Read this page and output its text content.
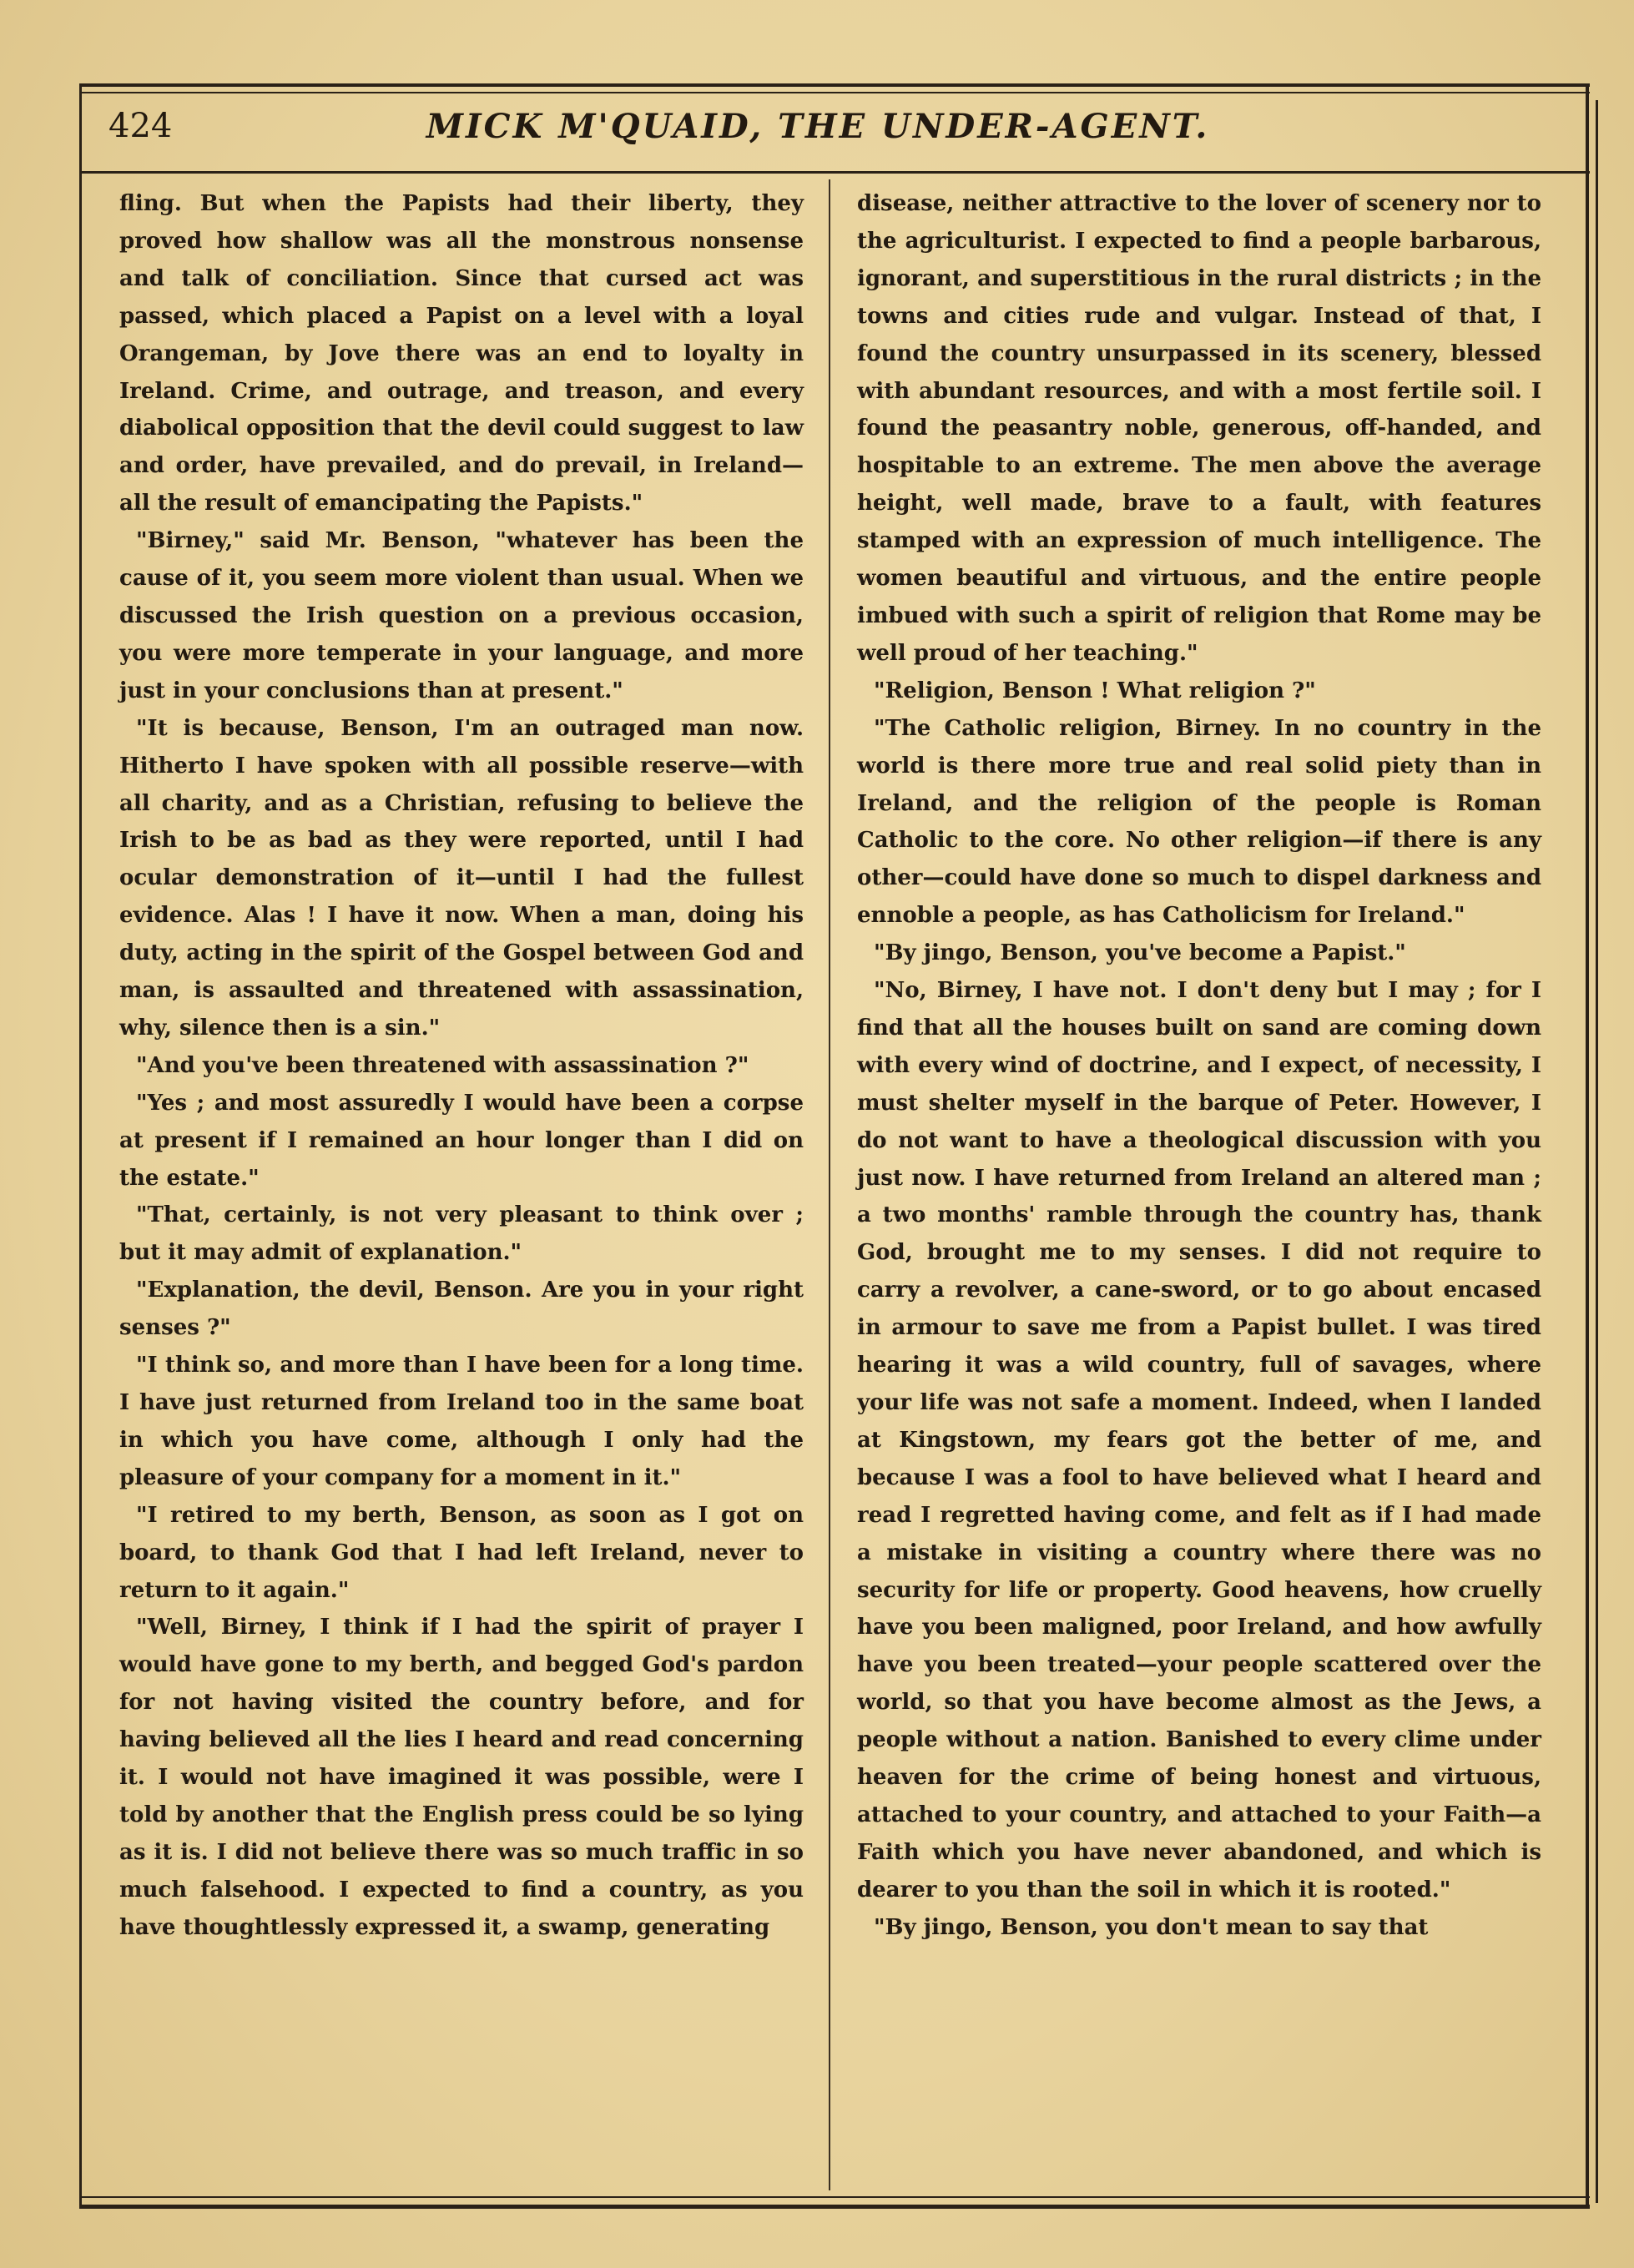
424	MICK M'QUAID, THE UNDER-AGENT.

fling. But when the Papists had their liberty, they proved how shallow was all the monstrous nonsense and talk of conciliation. Since that cursed act was passed, which placed a Papist on a level with a loyal Orangeman, by Jove there was an end to loyalty in Ireland. Crime, and outrage, and treason, and every diabolical opposition that the devil could suggest to law and order, have prevailed, and do prevail, in Ireland—all the result of emancipating the Papists."

"Birney," said Mr. Benson, "whatever has been the cause of it, you seem more violent than usual. When we discussed the Irish question on a previous occasion, you were more temperate in your language, and more just in your conclusions than at present."

"It is because, Benson, I'm an outraged man now. Hitherto I have spoken with all possible reserve—with all charity, and as a Christian, refusing to believe the Irish to be as bad as they were reported, until I had ocular demonstration of it—until I had the fullest evidence. Alas ! I have it now. When a man, doing his duty, acting in the spirit of the Gospel between God and man, is assaulted and threatened with assassination, why, silence then is a sin."

"And you've been threatened with assassination ?"

"Yes ; and most assuredly I would have been a corpse at present if I remained an hour longer than I did on the estate."

"That, certainly, is not very pleasant to think over ; but it may admit of explanation."

"Explanation, the devil, Benson. Are you in your right senses ?"

"I think so, and more than I have been for a long time. I have just returned from Ireland too in the same boat in which you have come, although I only had the pleasure of your company for a moment in it."

"I retired to my berth, Benson, as soon as I got on board, to thank God that I had left Ireland, never to return to it again."

"Well, Birney, I think if I had the spirit of prayer I would have gone to my berth, and begged God's pardon for not having visited the country before, and for having believed all the lies I heard and read concerning it. I would not have imagined it was possible, were I told by another that the English press could be so lying as it is. I did not believe there was so much traffic in so much falsehood. I expected to find a country, as you have thoughtlessly expressed it, a swamp, generating

disease, neither attractive to the lover of scenery nor to the agriculturist. I expected to find a people barbarous, ignorant, and superstitious in the rural districts ; in the towns and cities rude and vulgar. Instead of that, I found the country unsurpassed in its scenery, blessed with abundant resources, and with a most fertile soil. I found the peasantry noble, generous, off-handed, and hospitable to an extreme. The men above the average height, well made, brave to a fault, with features stamped with an expression of much intelligence. The women beautiful and virtuous, and the entire people imbued with such a spirit of religion that Rome may be well proud of her teaching."

"Religion, Benson ! What religion ?"

"The Catholic religion, Birney. In no country in the world is there more true and real solid piety than in Ireland, and the religion of the people is Roman Catholic to the core. No other religion—if there is any other—could have done so much to dispel darkness and ennoble a people, as has Catholicism for Ireland."

"By jingo, Benson, you've become a Papist."

"No, Birney, I have not. I don't deny but I may ; for I find that all the houses built on sand are coming down with every wind of doctrine, and I expect, of necessity, I must shelter myself in the barque of Peter. However, I do not want to have a theological discussion with you just now. I have returned from Ireland an altered man ; a two months' ramble through the country has, thank God, brought me to my senses. I did not require to carry a revolver, a cane-sword, or to go about encased in armour to save me from a Papist bullet. I was tired hearing it was a wild country, full of savages, where your life was not safe a moment. Indeed, when I landed at Kingstown, my fears got the better of me, and because I was a fool to have believed what I heard and read I regretted having come, and felt as if I had made a mistake in visiting a country where there was no security for life or property. Good heavens, how cruelly have you been maligned, poor Ireland, and how awfully have you been treated—your people scattered over the world, so that you have become almost as the Jews, a people without a nation. Banished to every clime under heaven for the crime of being honest and virtuous, attached to your country, and attached to your Faith—a Faith which you have never abandoned, and which is dearer to you than the soil in which it is rooted."

"By jingo, Benson, you don't mean to say that
